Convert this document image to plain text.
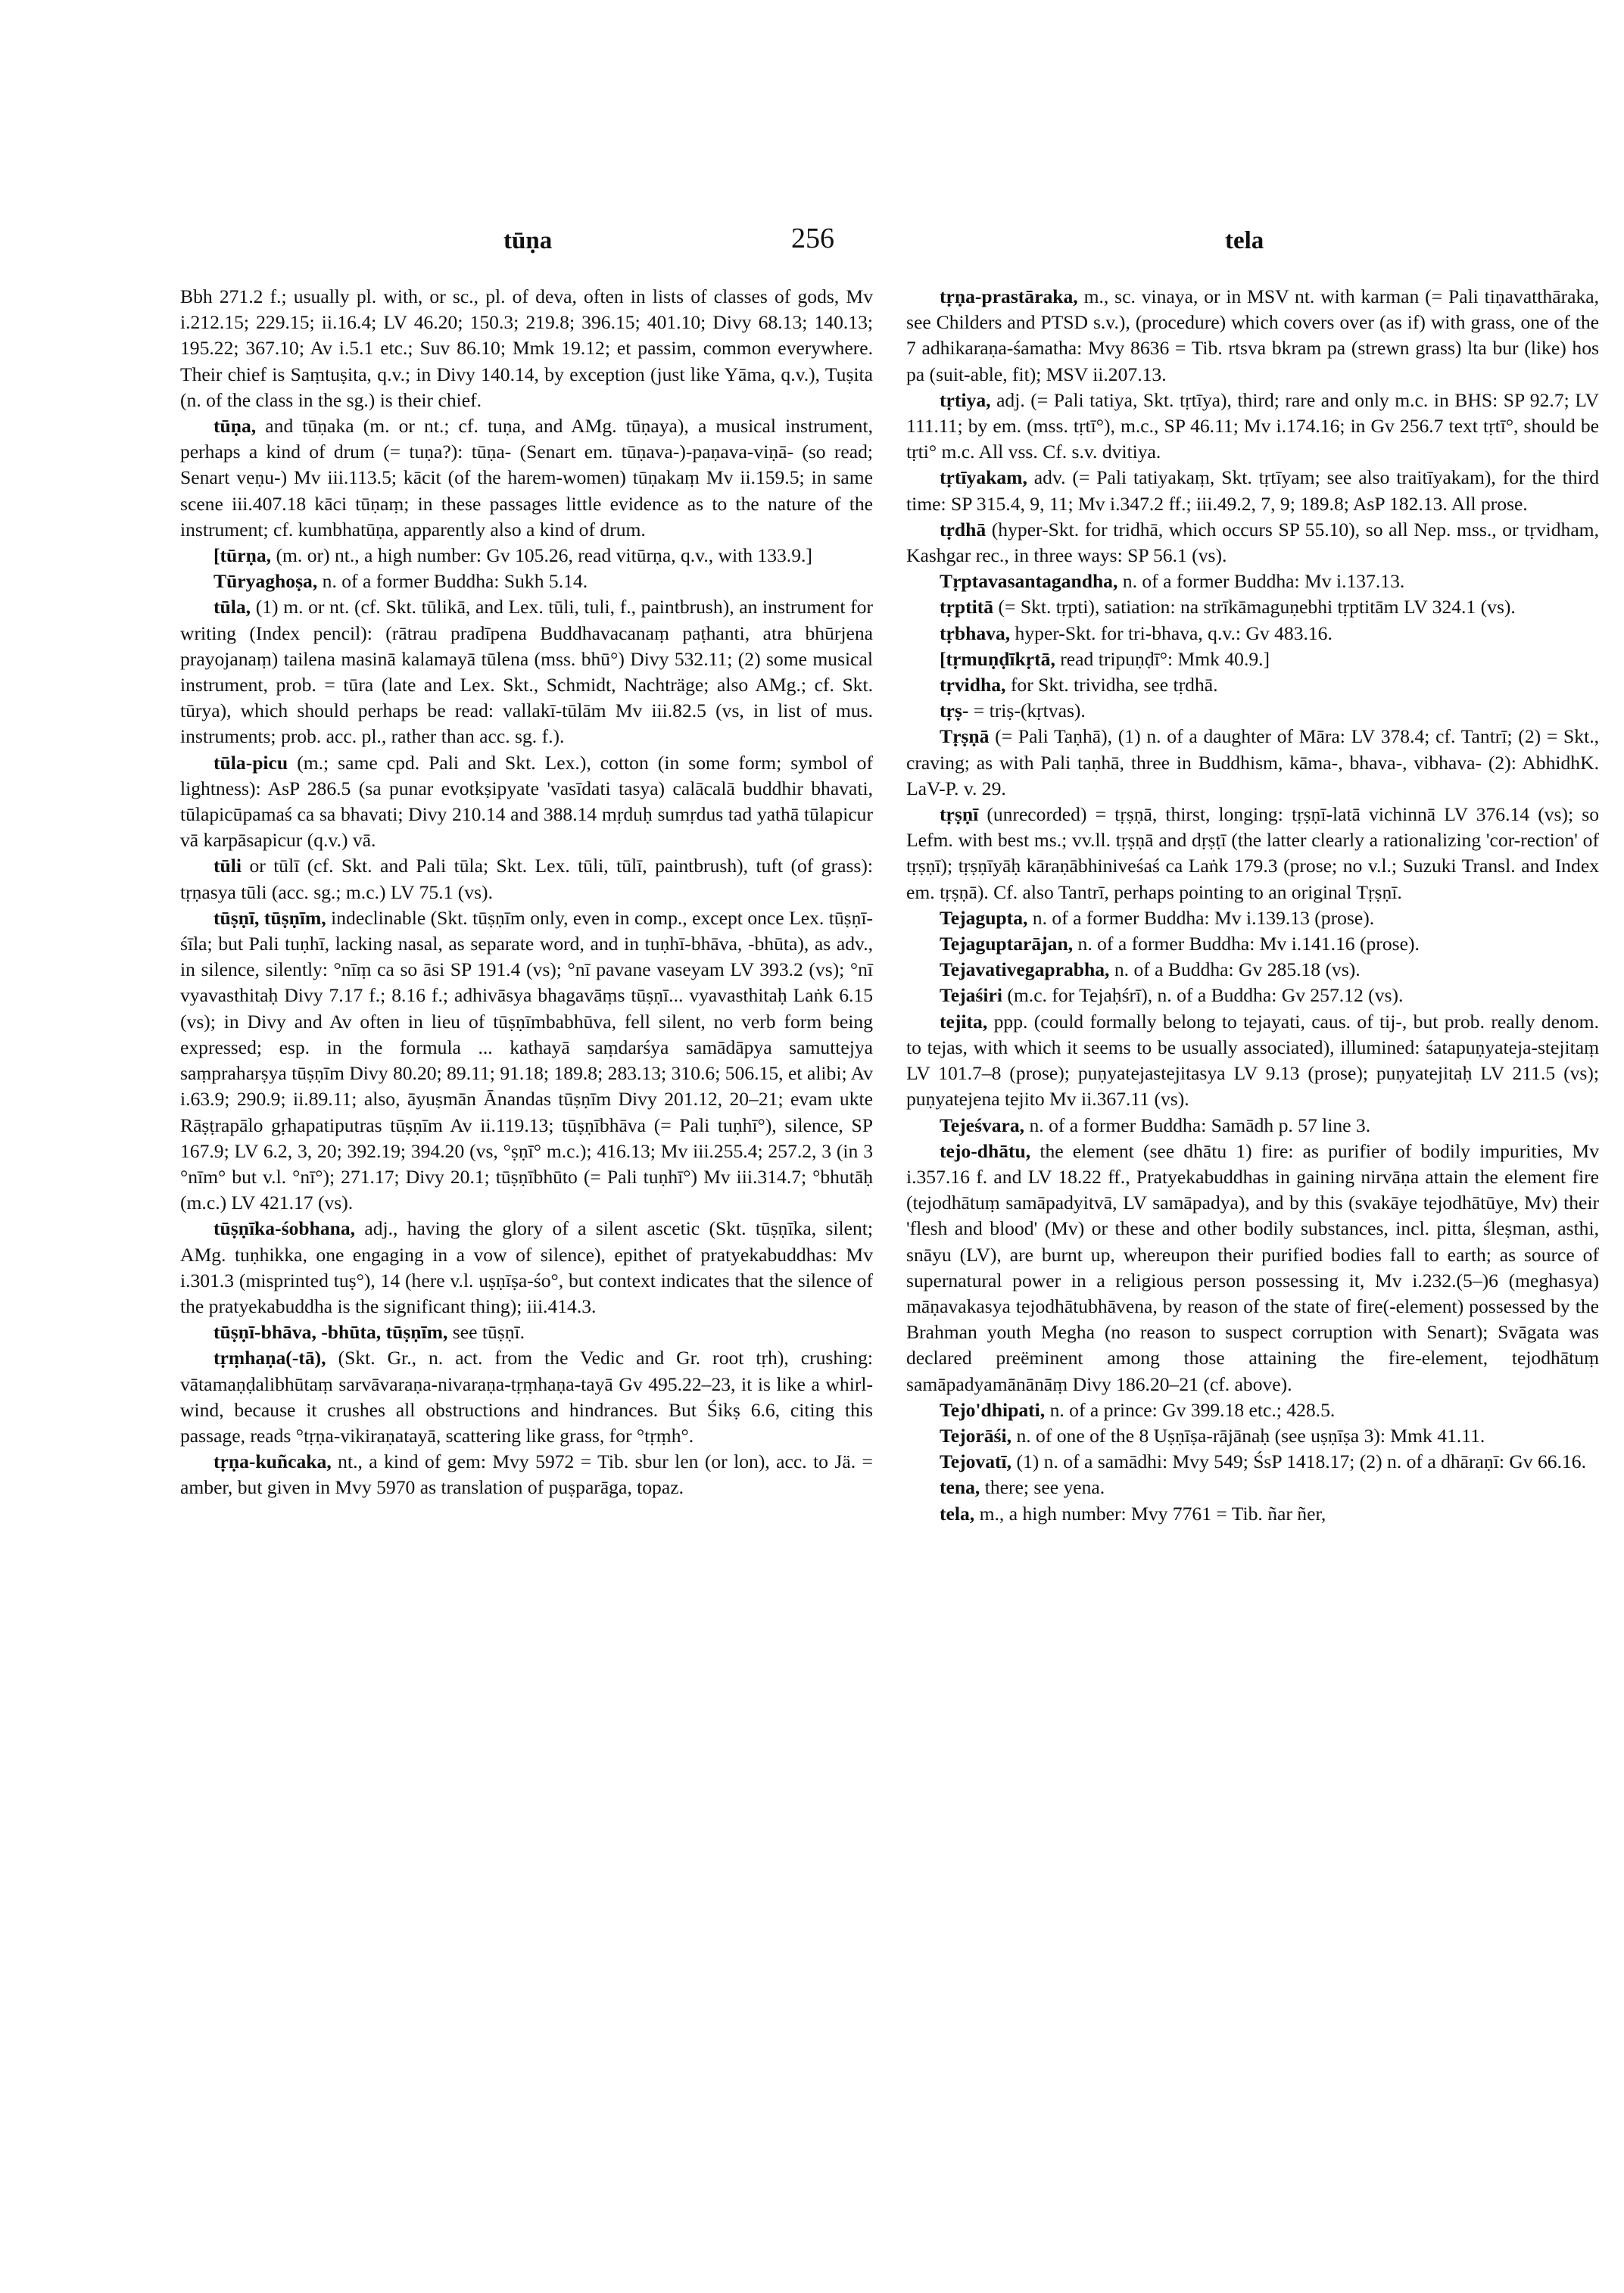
tūṇa	256	tela

Bbh 271.2 f.; usually pl. with, or sc., pl. of deva, often in lists of classes of gods, Mv i.212.15; 229.15; ii.16.4; LV 46.20; 150.3; 219.8; 396.15; 401.10; Divy 68.13; 140.13; 195.22; 367.10; Av i.5.1 etc.; Suv 86.10; Mmk 19.12; et passim, common everywhere. Their chief is Saṃtuṣita, q.v.; in Divy 140.14, by exception (just like Yāma, q.v.), Tuṣita (n. of the class in the sg.) is their chief.

tūṇa, and tūṇaka (m. or nt.; cf. tuṇa, and AMg. tūṇaya), a musical instrument, perhaps a kind of drum (= tuṇa?): tūṇa- (Senart em. tūṇava-)-paṇava-viṇā- (so read; Senart veṇu-) Mv iii.113.5; kācit (of the harem-women) tūṇakaṃ Mv ii.159.5; in same scene iii.407.18 kāci tūṇaṃ; in these passages little evidence as to the nature of the instrument; cf. kumbhatūṇa, apparently also a kind of drum.

[tūrṇa, (m. or) nt., a high number: Gv 105.26, read vitūrṇa, q.v., with 133.9.]

Tūryaghoṣa, n. of a former Buddha: Sukh 5.14.

tūla, (1) m. or nt. (cf. Skt. tūlikā, and Lex. tūli, tuli, f., paintbrush), an instrument for writing (Index pencil): (rātrau pradīpena Buddhavacanaṃ paṭhanti, atra bhūrjena prayojanaṃ) tailena masinā kalamayā tūlena (mss. bhū°) Divy 532.11; (2) some musical instrument, prob. = tūra (late and Lex. Skt., Schmidt, Nachträge; also AMg.; cf. Skt. tūrya), which should perhaps be read: vallakī-tūlām Mv iii.82.5 (vs, in list of mus. instruments; prob. acc. pl., rather than acc. sg. f.).

tūla-picu (m.; same cpd. Pali and Skt. Lex.), cotton (in some form; symbol of lightness): AsP 286.5 (sa punar evotkṣipyate 'vasīdati tasya) calācalā buddhir bhavati, tūlapicūpamaś ca sa bhavati; Divy 210.14 and 388.14 mṛduḥ sumṛdus tad yathā tūlapicur vā karpāsapicur (q.v.) vā.

tūli or tūlī (cf. Skt. and Pali tūla; Skt. Lex. tūli, tūlī, paintbrush), tuft (of grass): tṛṇasya tūli (acc. sg.; m.c.) LV 75.1 (vs).

tūṣṇī, tūṣṇīm, indeclinable (Skt. tūṣṇīm only, even in comp., except once Lex. tūṣṇī-śīla; but Pali tuṇhī, lacking nasal, as separate word, and in tuṇhī-bhāva, -bhūta), as adv., in silence, silently: °nīṃ ca so āsi SP 191.4 (vs); °nī pavane vaseyam LV 393.2 (vs); °nī vyavasthitaḥ Divy 7.17 f.; 8.16 f.; adhivāsya bhagavāṃs tūṣṇī... vyavasthitaḥ Laṅk 6.15 (vs); in Divy and Av often in lieu of tūṣṇīmbabhūva, fell silent, no verb form being expressed; esp. in the formula ... kathayā saṃdarśya samādāpya samuttejya saṃpraharṣya tūṣṇīm Divy 80.20; 89.11; 91.18; 189.8; 283.13; 310.6; 506.15, et alibi; Av i.63.9; 290.9; ii.89.11; also, āyuṣmān Ānandas tūṣṇīm Divy 201.12, 20–21; evam ukte Rāṣṭrapālo gṛhapatiputras tūṣṇīm Av ii.119.13; tūṣṇībhāva (= Pali tuṇhī°), silence, SP 167.9; LV 6.2, 3, 20; 392.19; 394.20 (vs, °ṣṇī° m.c.); 416.13; Mv iii.255.4; 257.2, 3 (in 3 °nīm° but v.l. °nī°); 271.17; Divy 20.1; tūṣṇībhūto (= Pali tuṇhī°) Mv iii.314.7; °bhutāḥ (m.c.) LV 421.17 (vs).

tūṣṇīka-śobhana, adj., having the glory of a silent ascetic (Skt. tūṣṇīka, silent; AMg. tuṇhikka, one engaging in a vow of silence), epithet of pratyekabuddhas: Mv i.301.3 (misprinted tuṣ°), 14 (here v.l. uṣṇīṣa-śo°, but context indicates that the silence of the pratyekabuddha is the significant thing); iii.414.3.

tūṣṇī-bhāva, -bhūta, tūṣṇīm, see tūṣṇī.

tṛṃhaṇa(-tā), (Skt. Gr., n. act. from the Vedic and Gr. root tṛh), crushing: vātamaṇḍalibhūtaṃ sarvāvaraṇa-nivaraṇa-tṛṃhaṇa-tayā Gv 495.22–23, it is like a whirl-wind, because it crushes all obstructions and hindrances. But Śikṣ 6.6, citing this passage, reads °tṛṇa-vikiraṇatayā, scattering like grass, for °tṛṃh°.

tṛṇa-kuñcaka, nt., a kind of gem: Mvy 5972 = Tib. sbur len (or lon), acc. to Jä. = amber, but given in Mvy 5970 as translation of puṣparāga, topaz.

tṛṇa-prastāraka, m., sc. vinaya, or in MSV nt. with karman (= Pali tiṇavatthāraka, see Childers and PTSD s.v.), (procedure) which covers over (as if) with grass, one of the 7 adhikaraṇa-śamatha: Mvy 8636 = Tib. rtsva bkram pa (strewn grass) lta bur (like) hos pa (suit-able, fit); MSV ii.207.13.

tṛtiya, adj. (= Pali tatiya, Skt. tṛtīya), third; rare and only m.c. in BHS: SP 92.7; LV 111.11; by em. (mss. tṛtī°), m.c., SP 46.11; Mv i.174.16; in Gv 256.7 text tṛtī°, should be tṛti° m.c. All vss. Cf. s.v. dvitiya.

tṛtīyakam, adv. (= Pali tatiyakaṃ, Skt. tṛtīyam; see also traitīyakam), for the third time: SP 315.4, 9, 11; Mv i.347.2 ff.; iii.49.2, 7, 9; 189.8; AsP 182.13. All prose.

tṛdhā (hyper-Skt. for tridhā, which occurs SP 55.10), so all Nep. mss., or tṛvidham, Kashgar rec., in three ways: SP 56.1 (vs).

Tṛptavasantagandha, n. of a former Buddha: Mv i.137.13.

tṛptitā (= Skt. tṛpti), satiation: na strīkāmaguṇebhi tṛptitām LV 324.1 (vs).

tṛbhava, hyper-Skt. for tri-bhava, q.v.: Gv 483.16.

[tṛmuṇḍīkṛtā, read tripuṇḍī°: Mmk 40.9.]

tṛvidha, for Skt. trividha, see tṛdhā.

tṛṣ- = triṣ-(kṛtvas).

Tṛṣṇā (= Pali Taṇhā), (1) n. of a daughter of Māra: LV 378.4; cf. Tantrī; (2) = Skt., craving; as with Pali taṇhā, three in Buddhism, kāma-, bhava-, vibhava- (2): AbhidhK. LaV-P. v. 29.

tṛṣṇī (unrecorded) = tṛṣṇā, thirst, longing: tṛṣṇī-latā vichinnā LV 376.14 (vs); so Lefm. with best ms.; vv.ll. tṛṣṇā and dṛṣṭī (the latter clearly a rationalizing 'cor-rection' of tṛṣṇī); tṛṣṇīyāḥ kāraṇābhiniveśaś ca Laṅk 179.3 (prose; no v.l.; Suzuki Transl. and Index em. tṛṣṇā). Cf. also Tantrī, perhaps pointing to an original Tṛṣṇī.

Tejagupta, n. of a former Buddha: Mv i.139.13 (prose).

Tejaguptarājan, n. of a former Buddha: Mv i.141.16 (prose).

Tejavativegaprabha, n. of a Buddha: Gv 285.18 (vs).

Tejaśiri (m.c. for Tejaḥśrī), n. of a Buddha: Gv 257.12 (vs).

tejita, ppp. (could formally belong to tejayati, caus. of tij-, but prob. really denom. to tejas, with which it seems to be usually associated), illumined: śatapuṇyateja-stejitaṃ LV 101.7–8 (prose); puṇyatejastejitasya LV 9.13 (prose); puṇyatejitaḥ LV 211.5 (vs); puṇyatejena tejito Mv ii.367.11 (vs).

Tejeśvara, n. of a former Buddha: Samādh p. 57 line 3.

tejo-dhātu, the element (see dhātu 1) fire: as purifier of bodily impurities, Mv i.357.16 f. and LV 18.22 ff., Pratyekabuddhas in gaining nirvāṇa attain the element fire (tejodhātuṃ samāpadyitvā, LV samāpadya), and by this (svakāye tejodhātūye, Mv) their 'flesh and blood' (Mv) or these and other bodily substances, incl. pitta, śleṣman, asthi, snāyu (LV), are burnt up, whereupon their purified bodies fall to earth; as source of supernatural power in a religious person possessing it, Mv i.232.(5–)6 (meghasya) māṇavakasya tejodhātubhāvena, by reason of the state of fire(-element) possessed by the Brahman youth Megha (no reason to suspect corruption with Senart); Svāgata was declared preëminent among those attaining the fire-element, tejodhātuṃ samāpadyamānānāṃ Divy 186.20–21 (cf. above).

Tejo'dhipati, n. of a prince: Gv 399.18 etc.; 428.5.

Tejorāśi, n. of one of the 8 Uṣṇīṣa-rājānaḥ (see uṣṇīṣa 3): Mmk 41.11.

Tejovatī, (1) n. of a samādhi: Mvy 549; ŚsP 1418.17; (2) n. of a dhāraṇī: Gv 66.16.

tena, there; see yena.

tela, m., a high number: Mvy 7761 = Tib. ñar ñer,
